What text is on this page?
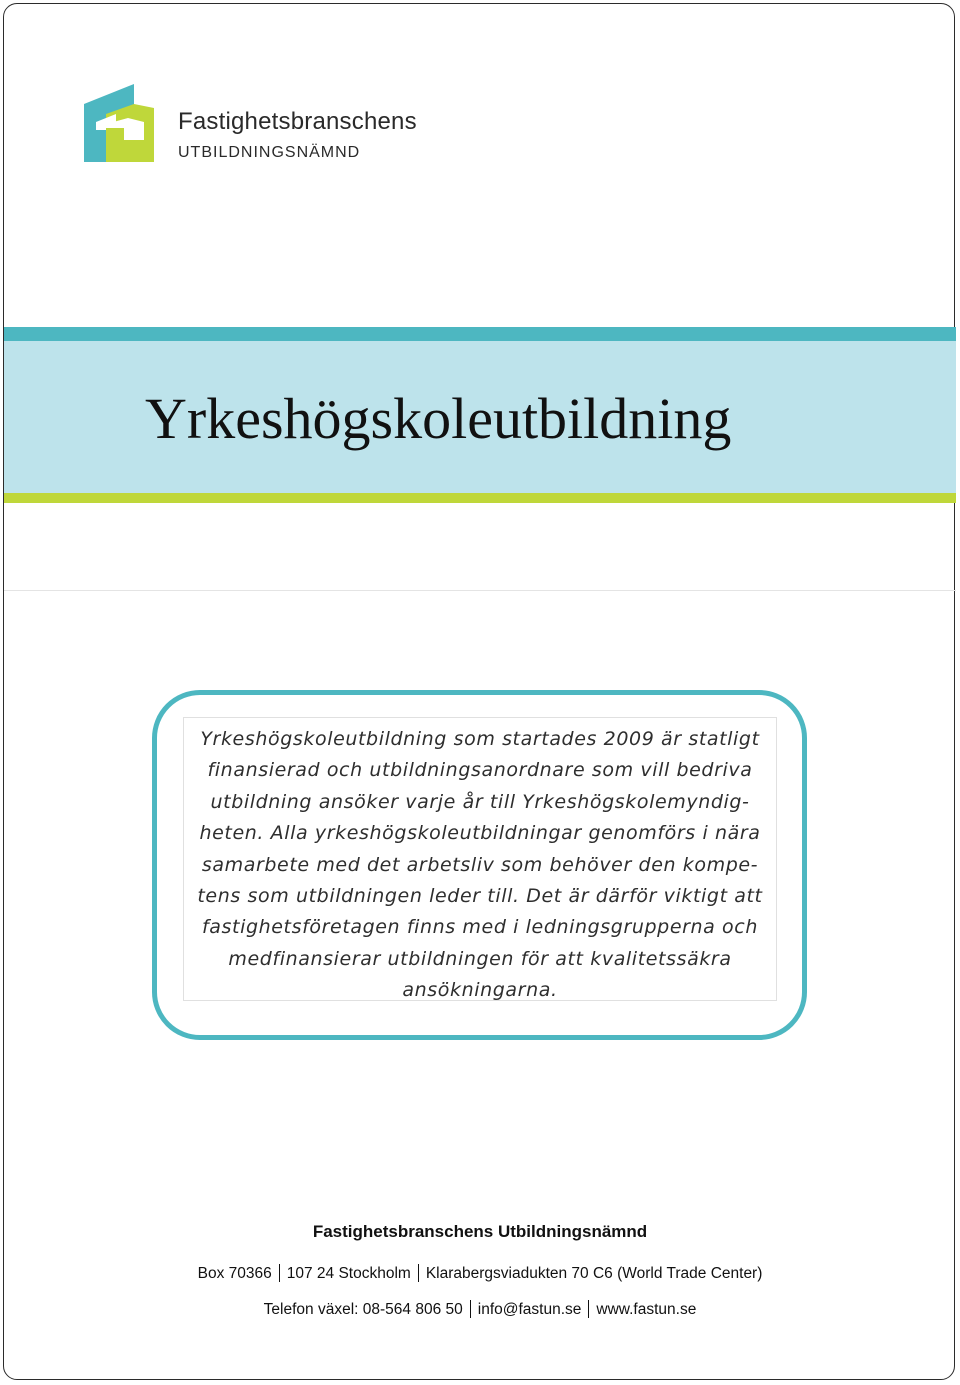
Fastighetsbranschens
UTBILDNINGSNÄMND
Yrkeshögskoleutbildning
Yrkeshögskoleutbildning som startades 2009 är statligt
finansierad och utbildningsanordnare som vill bedriva
utbildning ansöker varje år till Yrkeshögskolemyndig-
heten. Alla yrkeshögskoleutbildningar genomförs i nära
samarbete med det arbetsliv som behöver den kompe-
tens som utbildningen leder till. Det är därför viktigt att
fastighetsföretagen finns med i ledningsgrupperna och
medfinansierar utbildningen för att kvalitetssäkra
ansökningarna.
Fastighetsbranschens Utbildningsnämnd
Box 70366 107 24 Stockholm Klarabergsviadukten 70 C6 (World Trade Center)
Telefon växel: 08-564 806 50 info@fastun.se www.fastun.se
